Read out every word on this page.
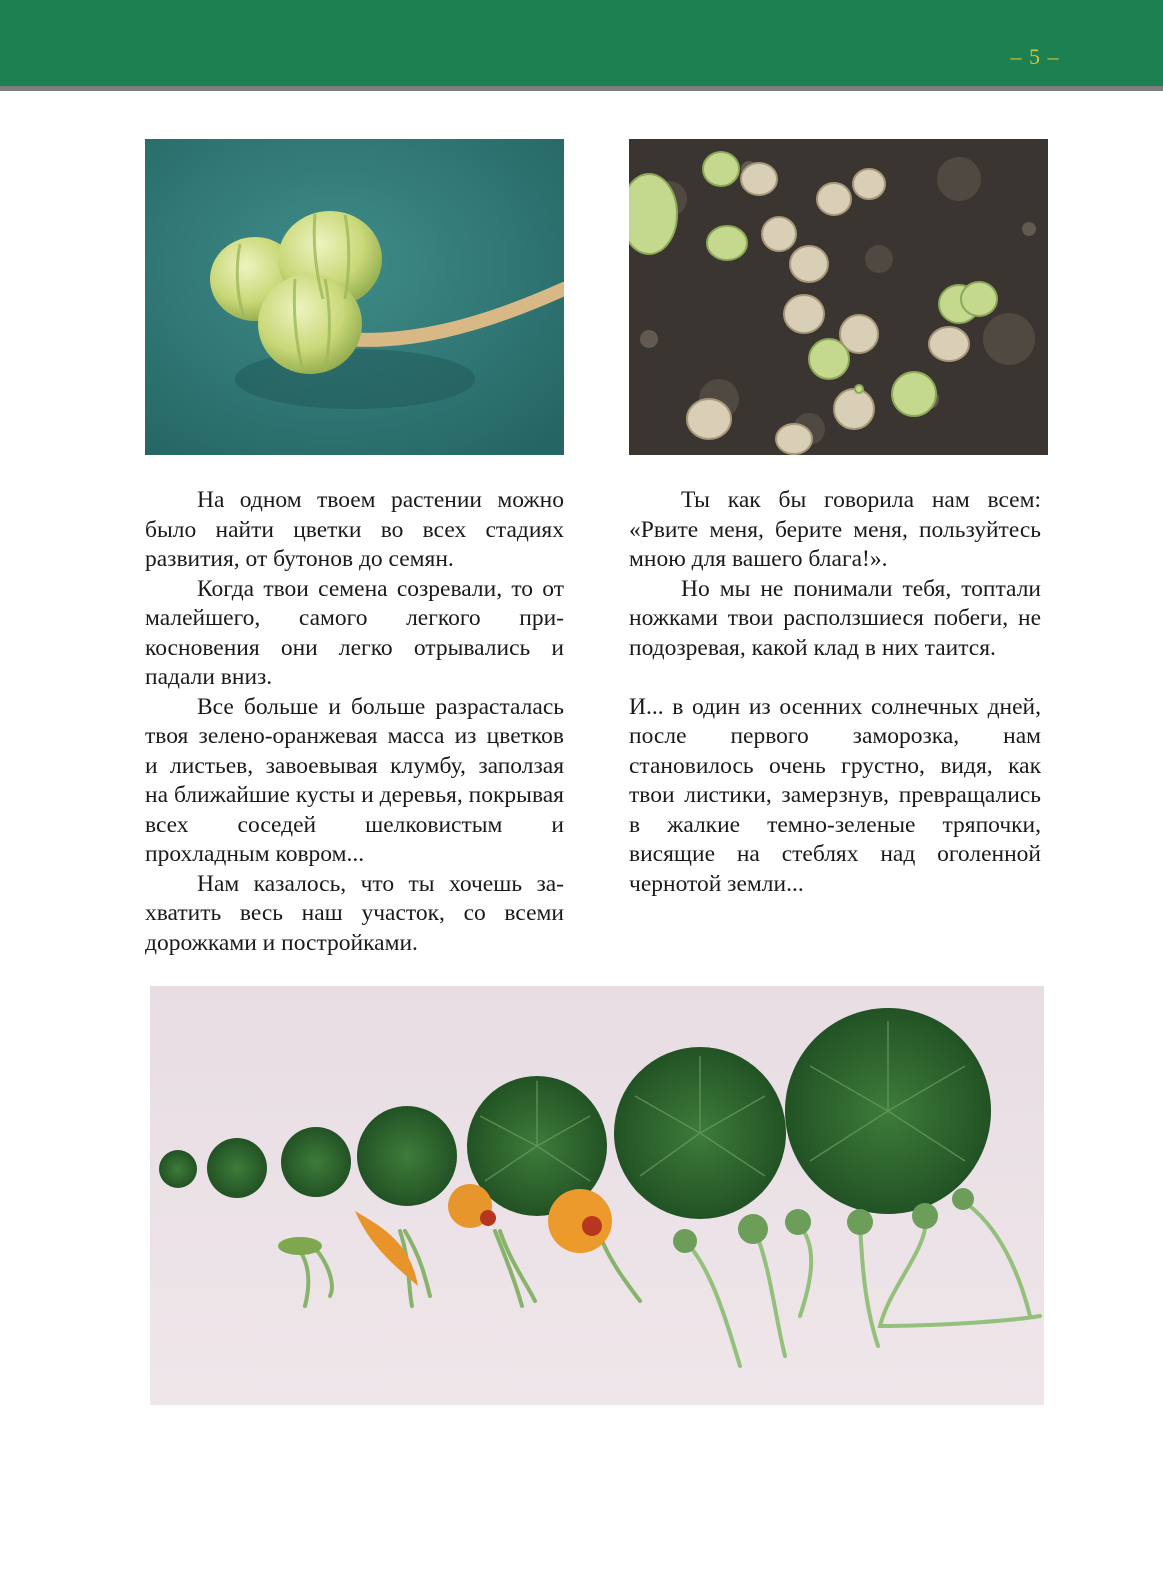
– 5 –

На одном твоем растении можно было найти цветки во всех стадиях развития, от бутонов до семян.

Когда твои семена созревали, то от малейшего, самого легкого прикосновения они легко отрывались и падали вниз.

Все больше и больше разрасталась твоя зелено-оранжевая масса из цветков и листьев, завоевывая клумбу, заползая на ближайшие кусты и деревья, покрывая всех соседей шелковистым и прохладным ковром...

Нам казалось, что ты хочешь захватить весь наш участок, со всеми дорожками и постройками.

Ты как бы говорила нам всем: «Рвите меня, берите меня, пользуйтесь мною для вашего блага!».

Но мы не понимали тебя, топтали ножками твои расползшиеся побеги, не подозревая, какой клад в них таится.

И... в один из осенних солнечных дней, после первого заморозка, нам становилось очень грустно, видя, как твои листики, замерзнув, превращались в жалкие темно-зеленые тряпочки, висящие на стеблях над оголенной чернотой земли...
